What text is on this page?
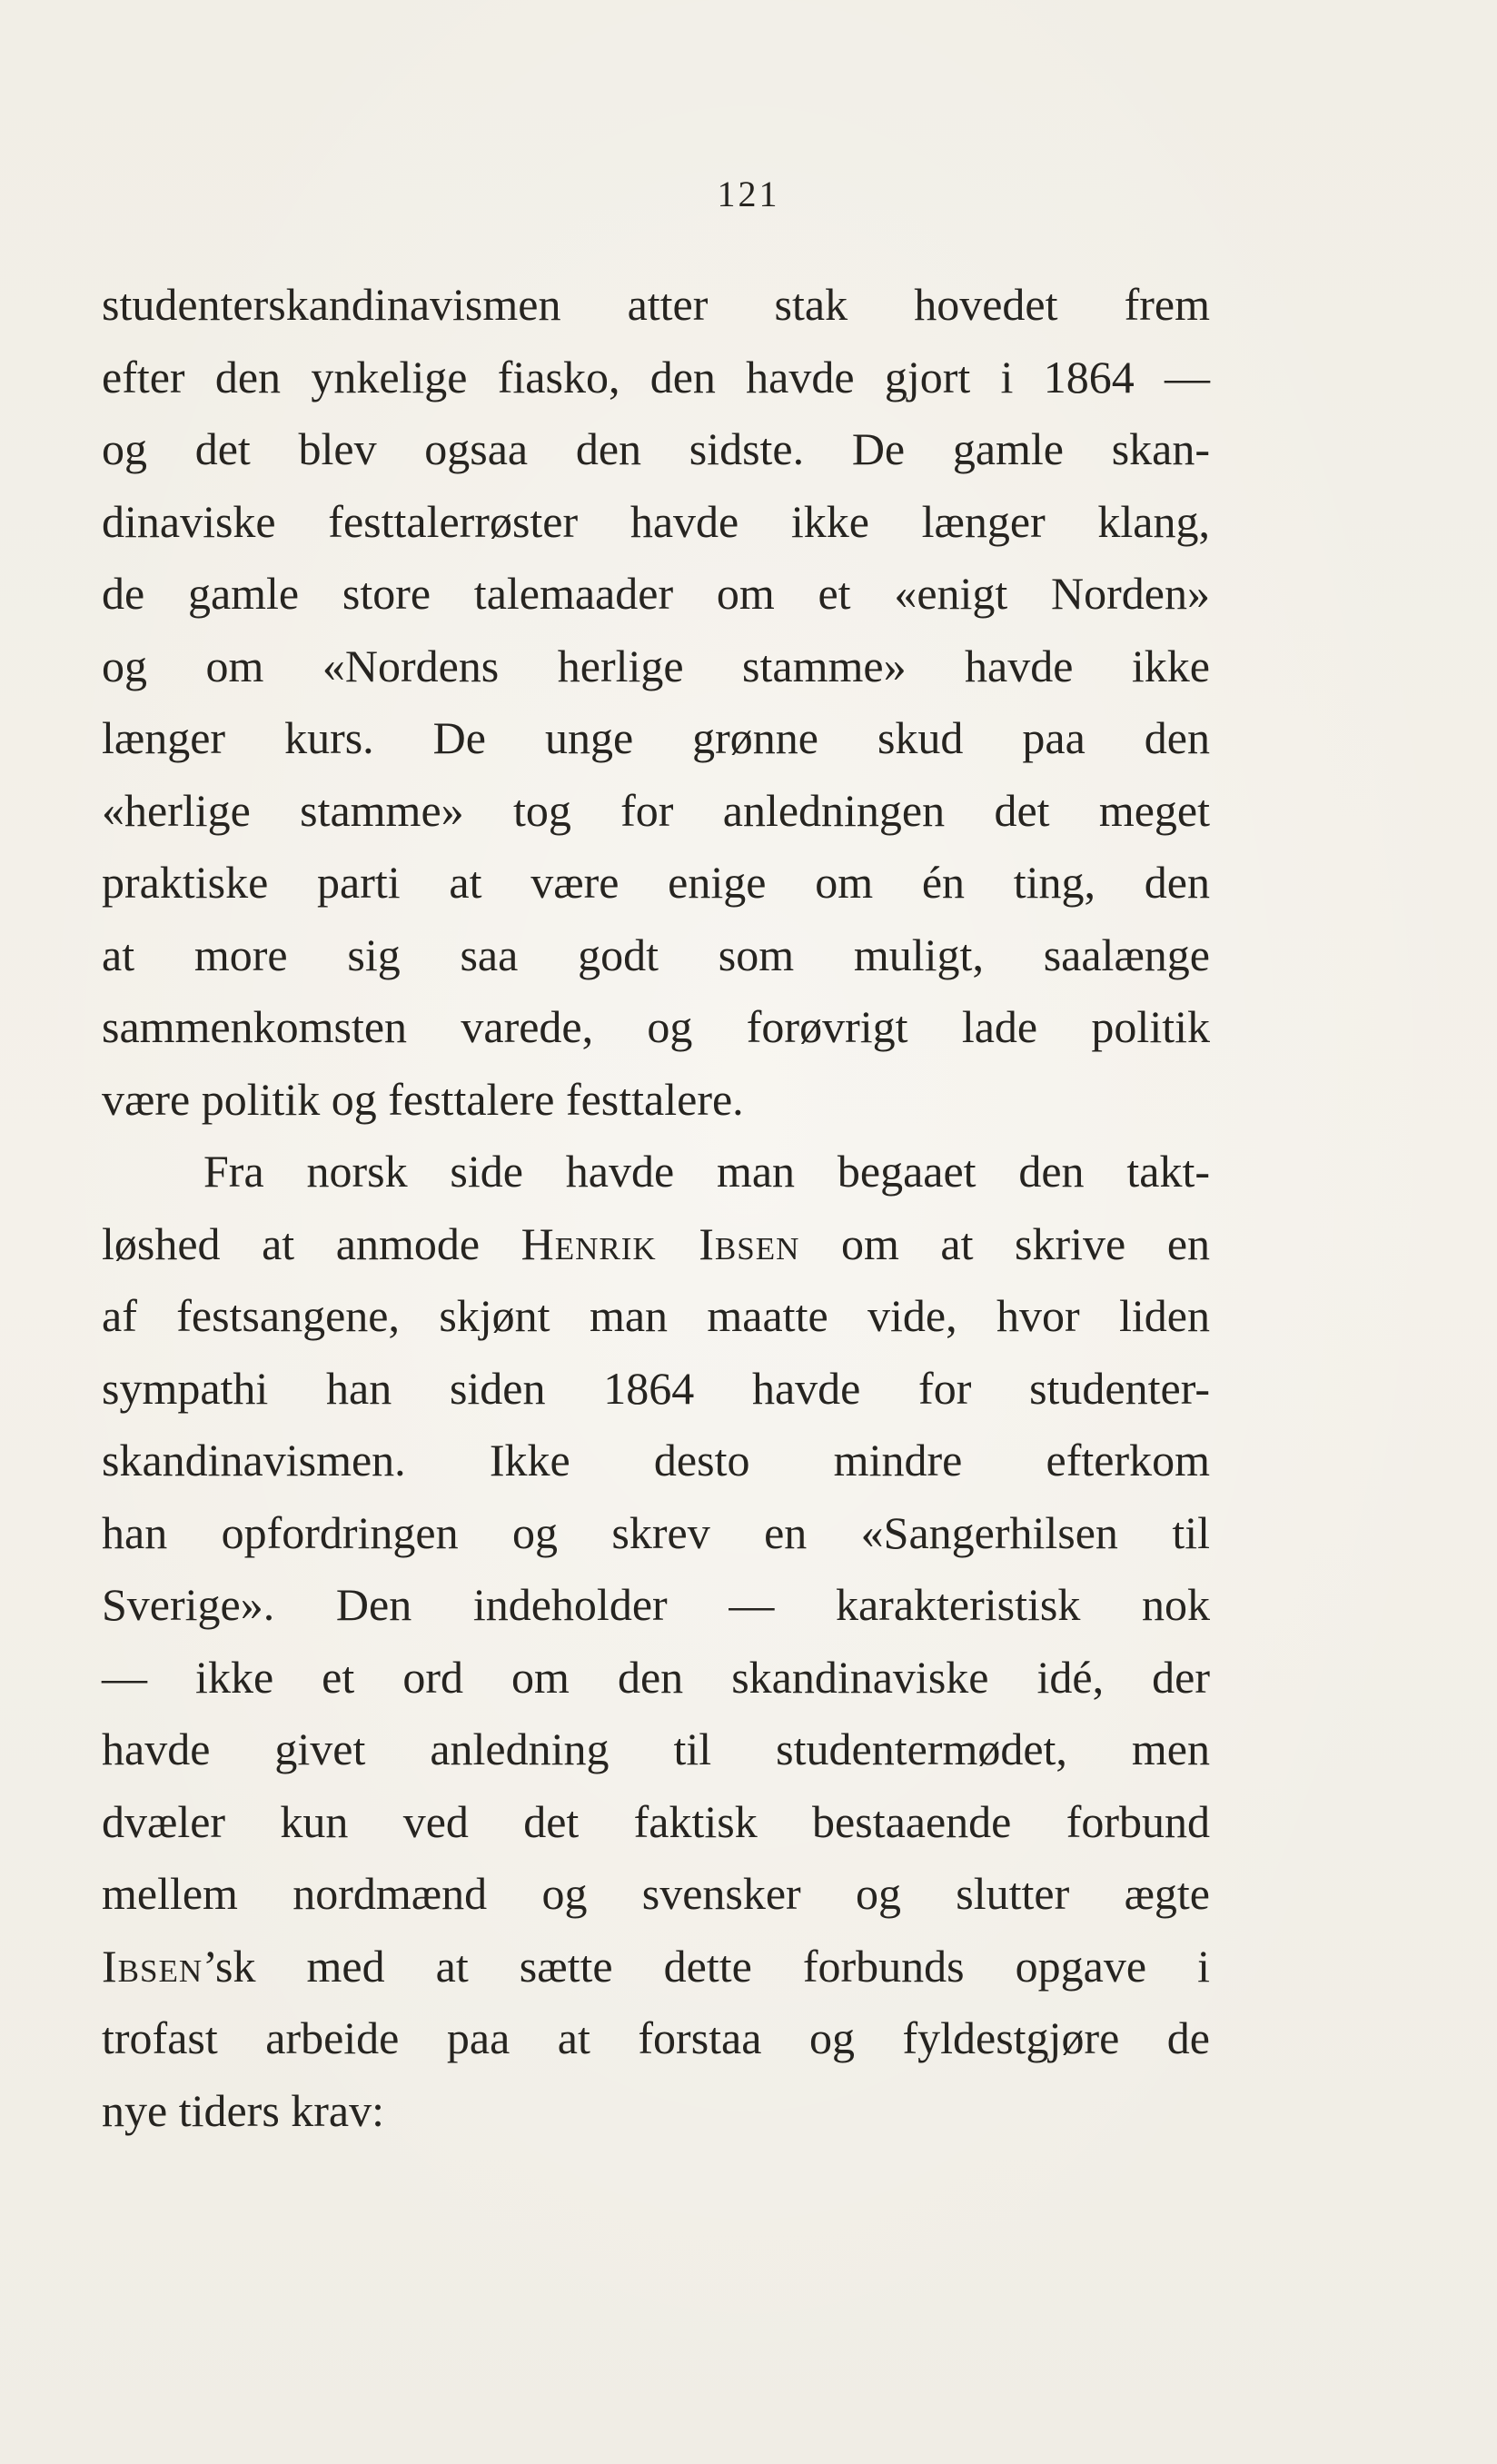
121
studenterskandinavismen atter stak hovedet frem
efter den ynkelige fiasko, den havde gjort i 1864 —
og det blev ogsaa den sidste. De gamle skan-
dinaviske festtalerrøster havde ikke længer klang,
de gamle store talemaader om et «enigt Norden»
og om «Nordens herlige stamme» havde ikke
længer kurs. De unge grønne skud paa den
«herlige stamme» tog for anledningen det meget
praktiske parti at være enige om én ting, den
at more sig saa godt som muligt, saalænge
sammenkomsten varede, og forøvrigt lade politik
være politik og festtalere festtalere.
Fra norsk side havde man begaaet den takt-
løshed at anmode Henrik Ibsen om at skrive en
af festsangene, skjønt man maatte vide, hvor liden
sympathi han siden 1864 havde for studenter-
skandinavismen. Ikke desto mindre efterkom
han opfordringen og skrev en «Sangerhilsen til
Sverige». Den indeholder — karakteristisk nok
— ikke et ord om den skandinaviske idé, der
havde givet anledning til studentermødet, men
dvæler kun ved det faktisk bestaaende forbund
mellem nordmænd og svensker og slutter ægte
Ibsen’sk med at sætte dette forbunds opgave i
trofast arbeide paa at forstaa og fyldestgjøre de
nye tiders krav:
